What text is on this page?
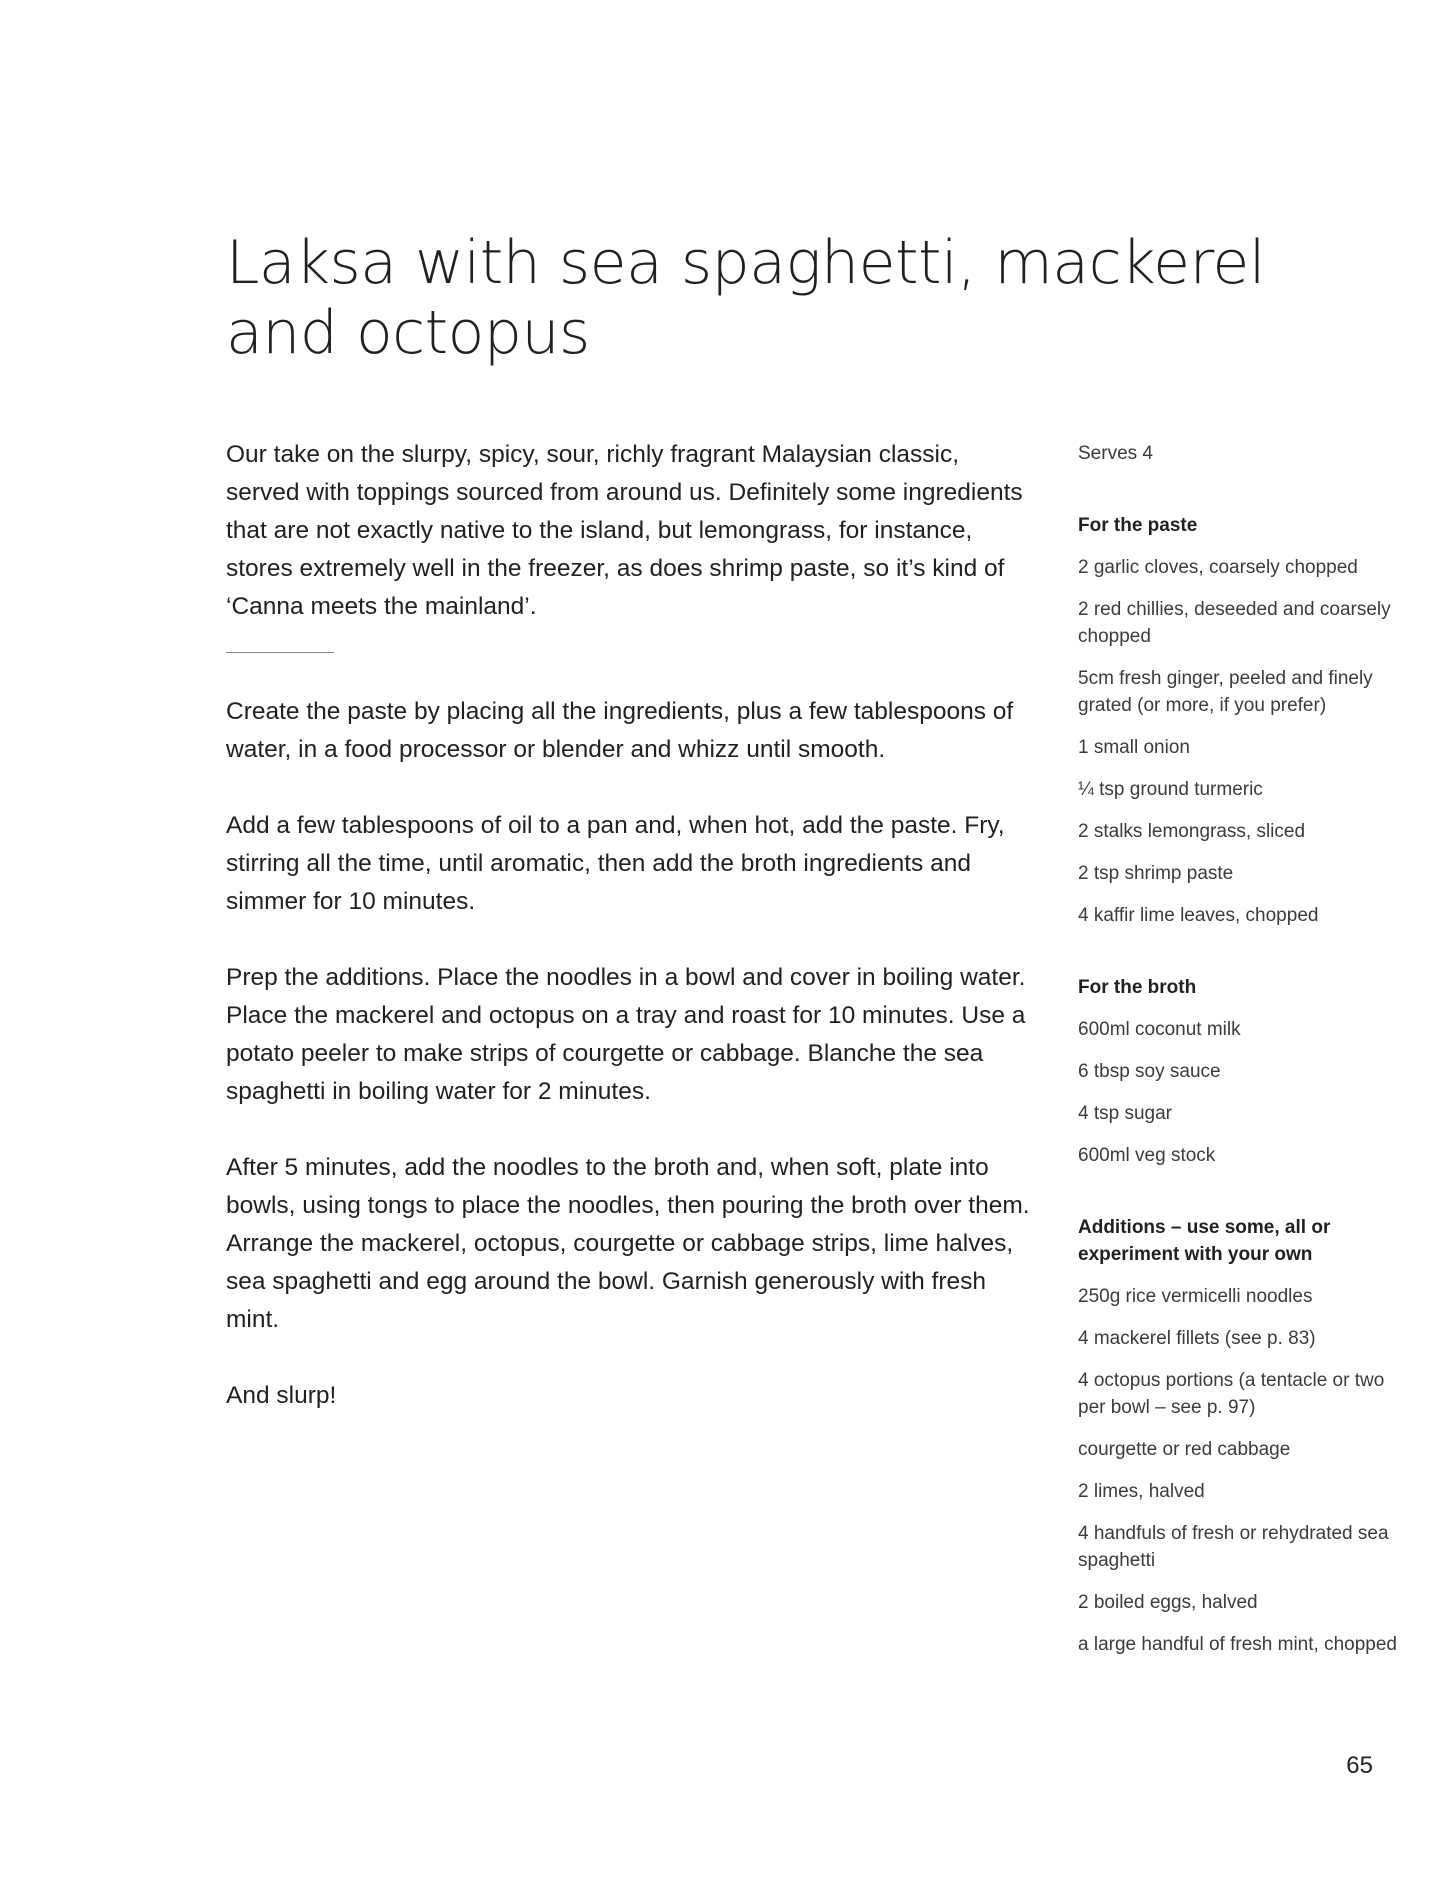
Laksa with sea spaghetti, mackerel
and octopus

Our take on the slurpy, spicy, sour, richly fragrant Malaysian classic, served with toppings sourced from around us. Definitely some ingredients that are not exactly native to the island, but lemongrass, for instance, stores extremely well in the freezer, as does shrimp paste, so it’s kind of ‘Canna meets the mainland’.

Create the paste by placing all the ingredients, plus a few tablespoons of water, in a food processor or blender and whizz until smooth.

Add a few tablespoons of oil to a pan and, when hot, add the paste. Fry, stirring all the time, until aromatic, then add the broth ingredients and simmer for 10 minutes.

Prep the additions. Place the noodles in a bowl and cover in boiling water. Place the mackerel and octopus on a tray and roast for 10 minutes. Use a potato peeler to make strips of courgette or cabbage. Blanche the sea spaghetti in boiling water for 2 minutes.

After 5 minutes, add the noodles to the broth and, when soft, plate into bowls, using tongs to place the noodles, then pouring the broth over them. Arrange the mackerel, octopus, courgette or cabbage strips, lime halves, sea spaghetti and egg around the bowl. Garnish generously with fresh mint.

And slurp!

Serves 4

For the paste

2 garlic cloves, coarsely chopped
2 red chillies, deseeded and coarsely chopped
5cm fresh ginger, peeled and finely grated (or more, if you prefer)
1 small onion
¼ tsp ground turmeric
2 stalks lemongrass, sliced
2 tsp shrimp paste
4 kaffir lime leaves, chopped

For the broth

600ml coconut milk
6 tbsp soy sauce
4 tsp sugar
600ml veg stock

Additions – use some, all or experiment with your own

250g rice vermicelli noodles
4 mackerel fillets (see p. 83)
4 octopus portions (a tentacle or two per bowl – see p. 97)
courgette or red cabbage
2 limes, halved
4 handfuls of fresh or rehydrated sea spaghetti
2 boiled eggs, halved
a large handful of fresh mint, chopped
65
